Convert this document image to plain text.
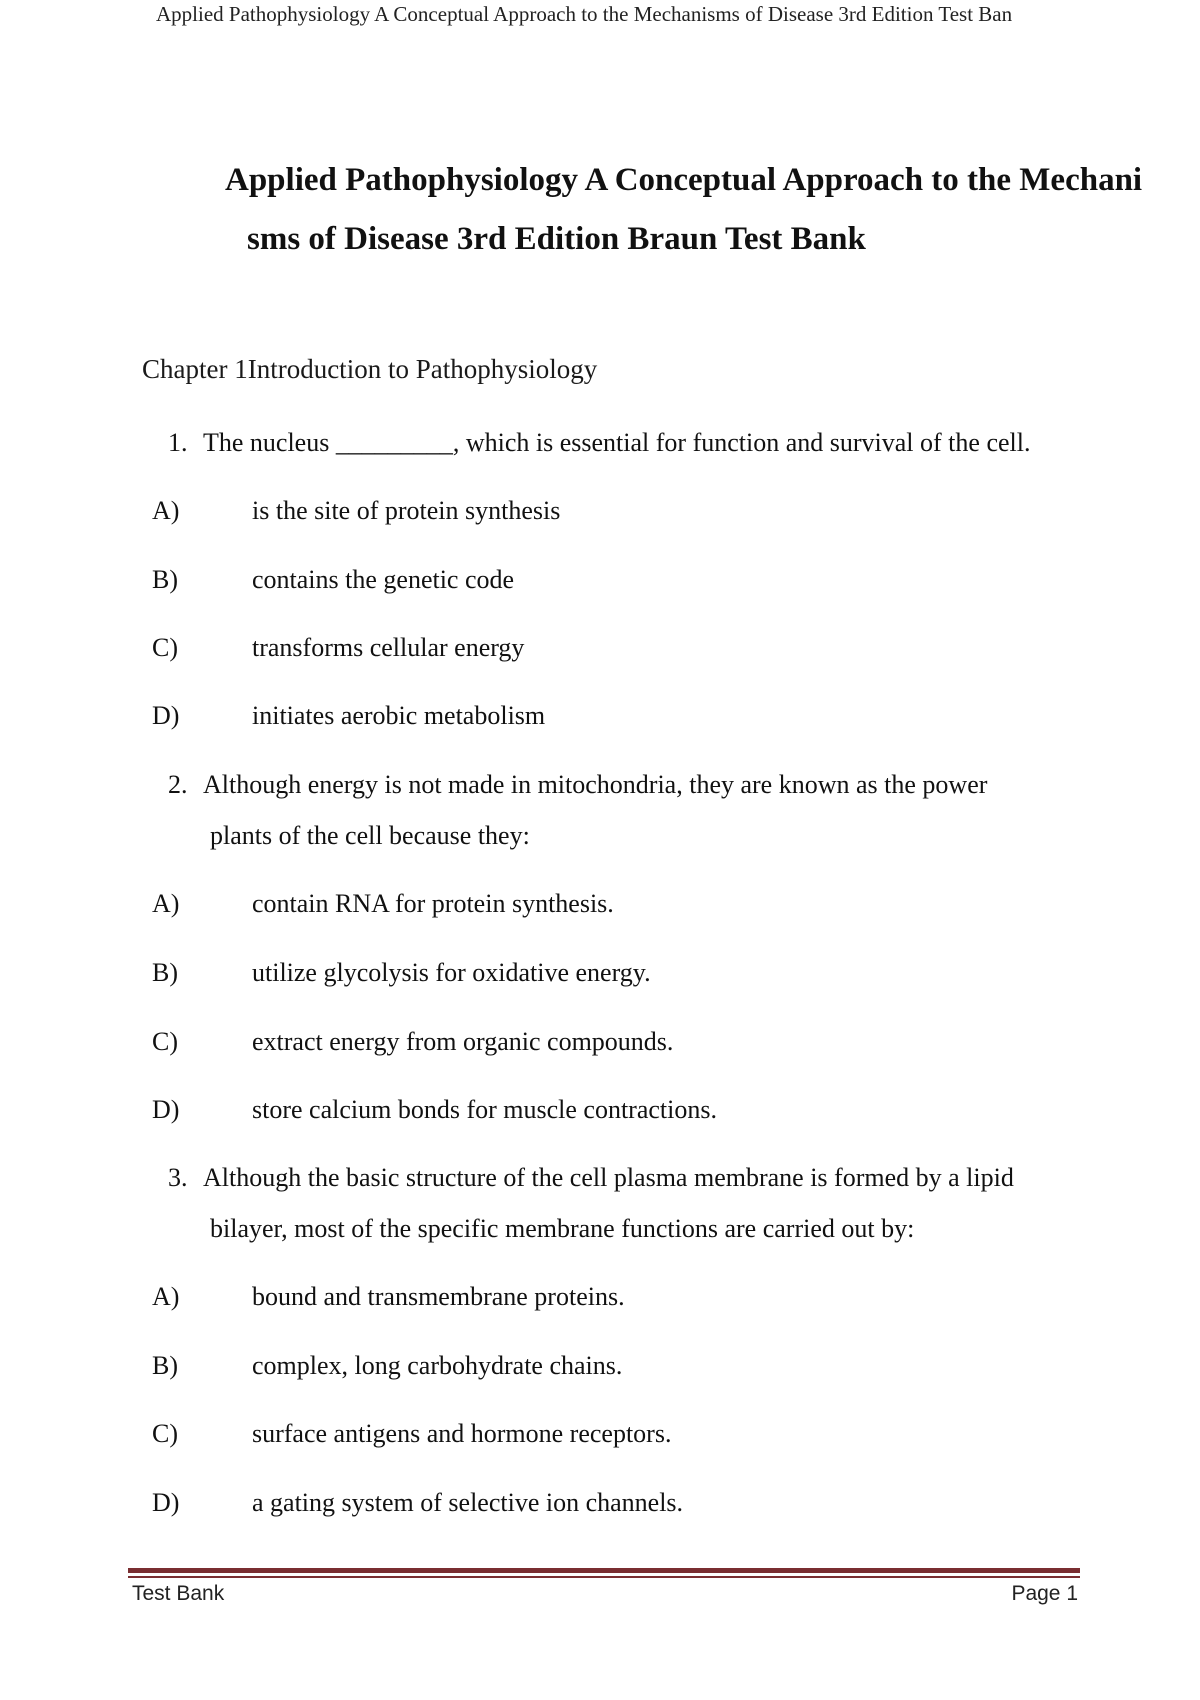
Applied Pathophysiology A Conceptual Approach to the Mechanisms of Disease 3rd Edition Test Ban
Applied Pathophysiology A Conceptual Approach to the Mechani
sms of Disease 3rd Edition Braun Test Bank
Chapter 1Introduction to Pathophysiology
1. The nucleus _________, which is essential for function and survival of the cell.
A)	is the site of protein synthesis
B)	contains the genetic code
C)	transforms cellular energy
D)	initiates aerobic metabolism
2. Although energy is not made in mitochondria, they are known as the power
plants of the cell because they:
A)	contain RNA for protein synthesis.
B)	utilize glycolysis for oxidative energy.
C)	extract energy from organic compounds.
D)	store calcium bonds for muscle contractions.
3. Although the basic structure of the cell plasma membrane is formed by a lipid
bilayer, most of the specific membrane functions are carried out by:
A)	bound and transmembrane proteins.
B)	complex, long carbohydrate chains.
C)	surface antigens and hormone receptors.
D)	a gating system of selective ion channels.
Test Bank	Page 1
